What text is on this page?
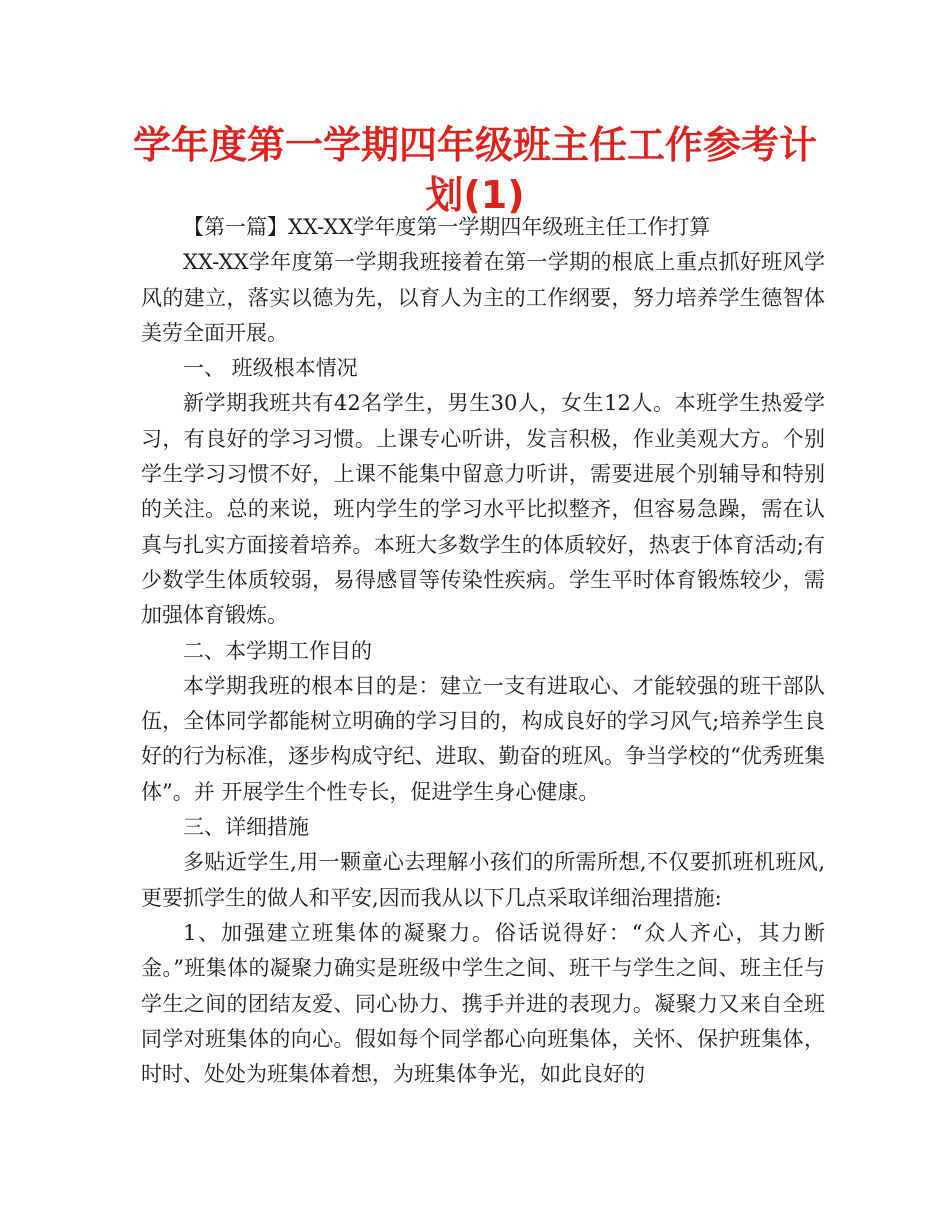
学年度第一学期四年级班主任工作参考计划(1)

【第一篇】XX-XX学年度第一学期四年级班主任工作打算

XX-XX学年度第一学期我班接着在第一学期的根底上重点抓好班风学风的建立，落实以德为先，以育人为主的工作纲要，努力培养学生德智体美劳全面开展。

一、 班级根本情况

新学期我班共有42名学生，男生30人，女生12人。本班学生热爱学习，有良好的学习习惯。上课专心听讲，发言积极，作业美观大方。个别学生学习习惯不好，上课不能集中留意力听讲，需要进展个别辅导和特别的关注。总的来说，班内学生的学习水平比拟整齐，但容易急躁，需在认真与扎实方面接着培养。本班大多数学生的体质较好，热衷于体育活动;有少数学生体质较弱，易得感冒等传染性疾病。学生平时体育锻炼较少，需加强体育锻炼。

二、本学期工作目的

本学期我班的根本目的是：建立一支有进取心、才能较强的班干部队伍，全体同学都能树立明确的学习目的，构成良好的学习风气;培养学生良好的行为标准，逐步构成守纪、进取、勤奋的班风。争当学校的“优秀班集体”。并 开展学生个性专长，促进学生身心健康。

三、详细措施

多贴近学生,用一颗童心去理解小孩们的所需所想,不仅要抓班机班风,更要抓学生的做人和平安,因而我从以下几点采取详细治理措施:

1、加强建立班集体的凝聚力。俗话说得好：“众人齐心，其力断金。”班集体的凝聚力确实是班级中学生之间、班干与学生之间、班主任与学生之间的团结友爱、同心协力、携手并进的表现力。凝聚力又来自全班同学对班集体的向心。假如每个同学都心向班集体，关怀、保护班集体，时时、处处为班集体着想，为班集体争光，如此良好的
